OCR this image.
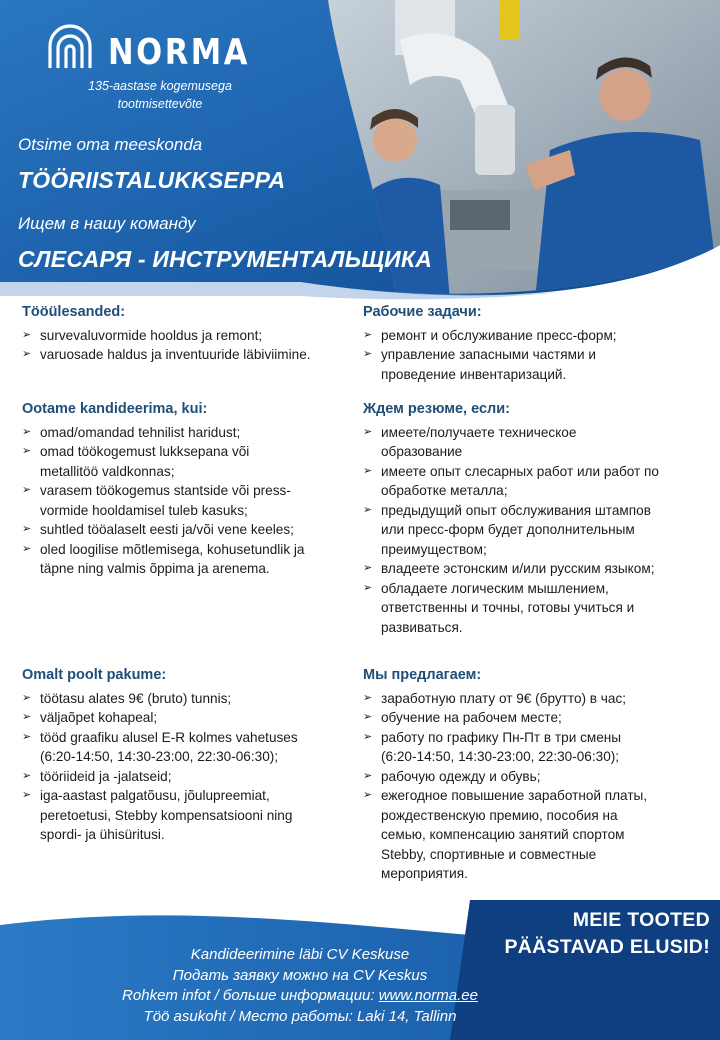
NORMA
135-aastase kogemusega
tootmisettevõte
Otsime oma meeskonda
TÖÖRIISTALUKKSEPPA
Ищем в нашу команду
СЛЕСАРЯ - ИНСТРУМЕНТАЛЬЩИКА
Tööülesanded:
➢ survevaluvormide hooldus ja remont;
➢ varuosade haldus ja inventuuride läbiviimine.
Ootame kandideerima, kui:
➢ omad/omandad tehnilist haridust;
➢ omad töökogemust lukksepana või
metallitöö valdkonnas;
➢ varasem töökogemus stantside või press-
vormide hooldamisel tuleb kasuks;
➢ suhtled tööalaselt eesti ja/või vene keeles;
➢ oled loogilise mõtlemisega, kohusetundlik ja
täpne ning valmis õppima ja arenema.
Omalt poolt pakume:
➢ töötasu alates 9€ (bruto) tunnis;
➢ väljaõpet kohapeal;
➢ tööd graafiku alusel E-R kolmes vahetuses
(6:20-14:50, 14:30-23:00, 22:30-06:30);
➢ tööriideid ja -jalatseid;
➢ iga-aastast palgatõusu, jõulupreemiat,
peretoetusi, Stebby kompensatsiooni ning
spordi- ja ühisüritusi.
Рабочие задачи:
➢ ремонт и обслуживание пресс-форм;
➢ управление запасными частями и
проведение инвентаризаций.
Ждем резюме, если:
➢ имеете/получаете техническое
образование
➢ имеете опыт слесарных работ или работ по
обработке металла;
➢ предыдущий опыт обслуживания штампов
или пресс-форм будет дополнительным
преимуществом;
➢ владеете эстонским и/или русским языком;
➢ обладаете логическим мышлением,
ответственны и точны, готовы учиться и
развиваться.
Мы предлагаем:
➢ заработную плату от 9€ (брутто) в час;
➢ обучение на рабочем месте;
➢ работу по графику Пн-Пт в три смены
(6:20-14:50, 14:30-23:00, 22:30-06:30);
➢ рабочую одежду и обувь;
➢ ежегодное повышение заработной платы,
рождественскую премию, пособия на
семью, компенсацию занятий спортом
Stebby, спортивные и совместные
мероприятия.
Kandideerimine läbi CV Keskuse
Подать заявку можно на CV Keskus
Rohkem infot / больше информации: www.norma.ee
Töö asukoht / Место работы: Laki 14, Tallinn
MEIE TOOTED
PÄÄSTAVAD ELUSID!
